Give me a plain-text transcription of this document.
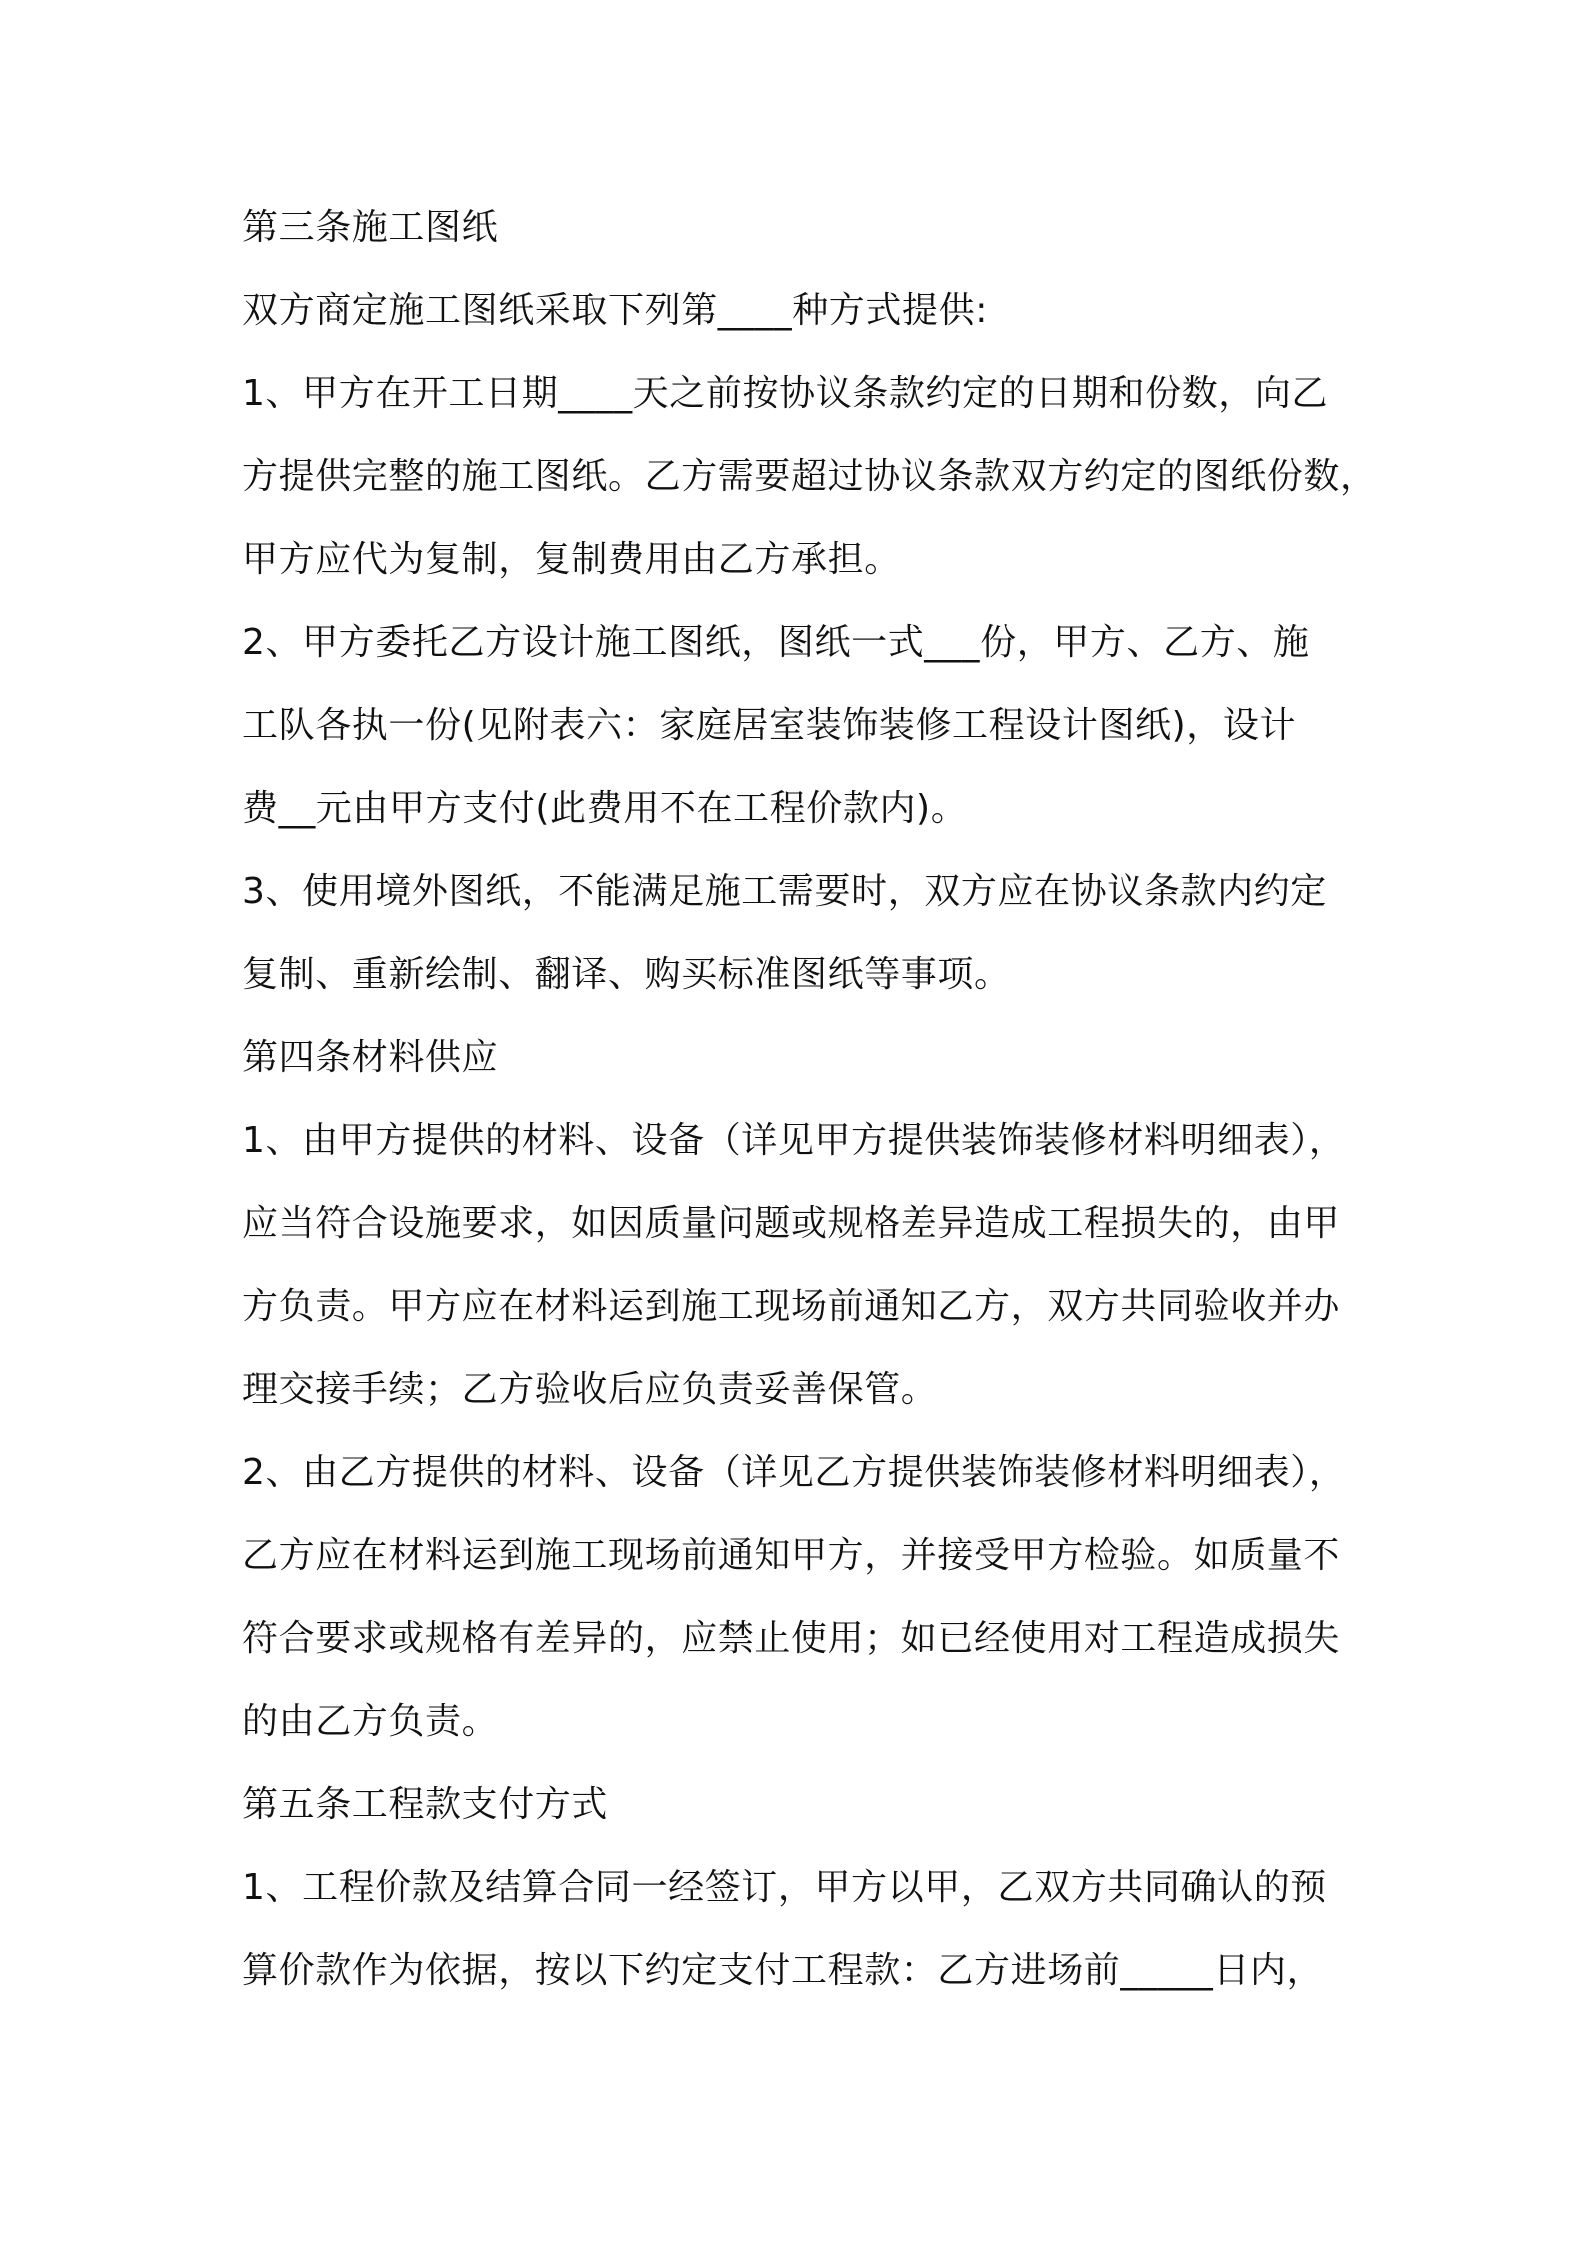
第三条施工图纸
双方商定施工图纸采取下列第____种方式提供:
1、甲方在开工日期____天之前按协议条款约定的日期和份数，向乙
方提供完整的施工图纸。乙方需要超过协议条款双方约定的图纸份数，
甲方应代为复制，复制费用由乙方承担。
2、甲方委托乙方设计施工图纸，图纸一式___份，甲方、乙方、施
工队各执一份(见附表六：家庭居室装饰装修工程设计图纸)，设计
费__元由甲方支付(此费用不在工程价款内)。
3、使用境外图纸，不能满足施工需要时，双方应在协议条款内约定
复制、重新绘制、翻译、购买标准图纸等事项。
第四条材料供应
1、由甲方提供的材料、设备（详见甲方提供装饰装修材料明细表），
应当符合设施要求，如因质量问题或规格差异造成工程损失的，由甲
方负责。甲方应在材料运到施工现场前通知乙方，双方共同验收并办
理交接手续；乙方验收后应负责妥善保管。
2、由乙方提供的材料、设备（详见乙方提供装饰装修材料明细表），
乙方应在材料运到施工现场前通知甲方，并接受甲方检验。如质量不
符合要求或规格有差异的，应禁止使用；如已经使用对工程造成损失
的由乙方负责。
第五条工程款支付方式
1、工程价款及结算合同一经签订，甲方以甲，乙双方共同确认的预
算价款作为依据，按以下约定支付工程款：乙方进场前_____日内，
